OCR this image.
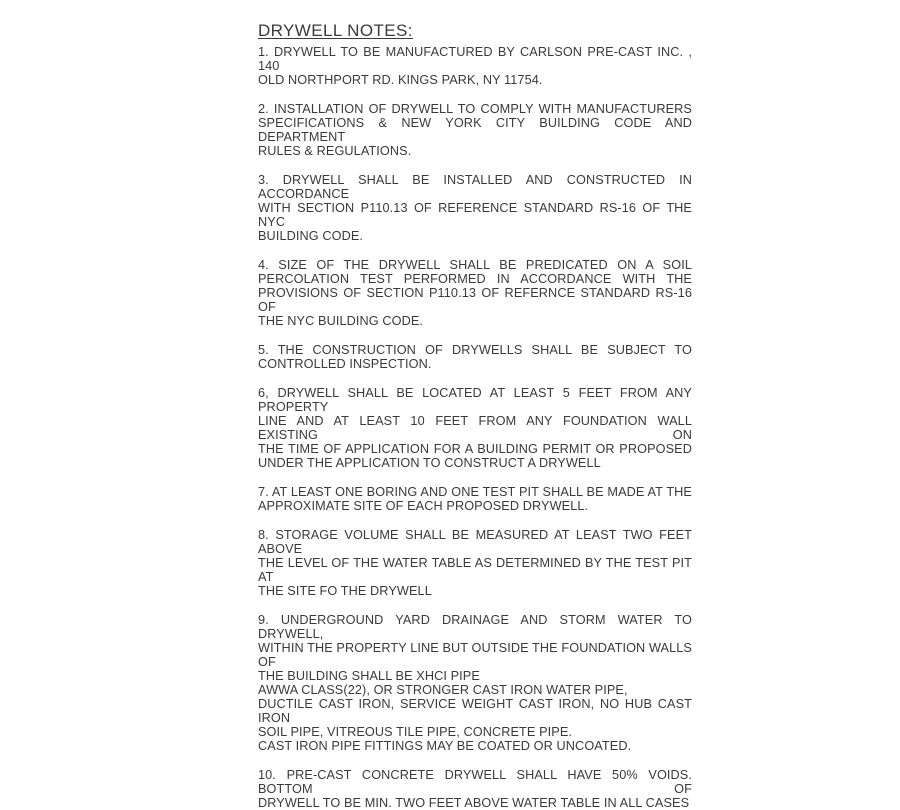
DRYWELL NOTES:
1. DRYWELL TO BE MANUFACTURED BY CARLSON PRE-CAST INC. , 140
OLD NORTHPORT RD. KINGS PARK, NY 11754.
2. INSTALLATION OF DRYWELL TO COMPLY WITH MANUFACTURERS
SPECIFICATIONS & NEW YORK CITY BUILDING CODE AND DEPARTMENT
RULES & REGULATIONS.
3. DRYWELL SHALL BE INSTALLED AND CONSTRUCTED IN ACCORDANCE
WITH SECTION P110.13 OF REFERENCE STANDARD RS-16 OF THE NYC
BUILDING CODE.
4. SIZE OF THE DRYWELL SHALL BE PREDICATED ON A SOIL
PERCOLATION TEST PERFORMED IN ACCORDANCE WITH THE
PROVISIONS OF SECTION P110.13 OF REFERNCE STANDARD RS-16 OF
THE NYC BUILDING CODE.
5. THE CONSTRUCTION OF DRYWELLS SHALL BE SUBJECT TO
CONTROLLED INSPECTION.
6, DRYWELL SHALL BE LOCATED AT LEAST 5 FEET FROM ANY PROPERTY
LINE AND AT LEAST 10 FEET FROM ANY FOUNDATION WALL EXISTING ON
THE TIME OF APPLICATION FOR A BUILDING PERMIT OR PROPOSED
UNDER THE APPLICATION TO CONSTRUCT A DRYWELL
7. AT LEAST ONE BORING AND ONE TEST PIT SHALL BE MADE AT THE
APPROXIMATE SITE OF EACH PROPOSED DRYWELL.
8. STORAGE VOLUME SHALL BE MEASURED AT LEAST TWO FEET ABOVE
THE LEVEL OF THE WATER TABLE AS DETERMINED BY THE TEST PIT AT
THE SITE FO THE DRYWELL
9. UNDERGROUND YARD DRAINAGE AND STORM WATER TO DRYWELL,
WITHIN THE PROPERTY LINE BUT OUTSIDE THE FOUNDATION WALLS OF
THE BUILDING SHALL BE XHCI PIPE
AWWA CLASS(22), OR STRONGER CAST IRON WATER PIPE,
DUCTILE CAST IRON, SERVICE WEIGHT CAST IRON, NO HUB CAST IRON
SOIL PIPE, VITREOUS TILE PIPE, CONCRETE PIPE.
CAST IRON PIPE FITTINGS MAY BE COATED OR UNCOATED.
10. PRE-CAST CONCRETE DRYWELL SHALL HAVE 50% VOIDS. BOTTOM OF
DRYWELL TO BE MIN. TWO FEET ABOVE WATER TABLE IN ALL CASES
